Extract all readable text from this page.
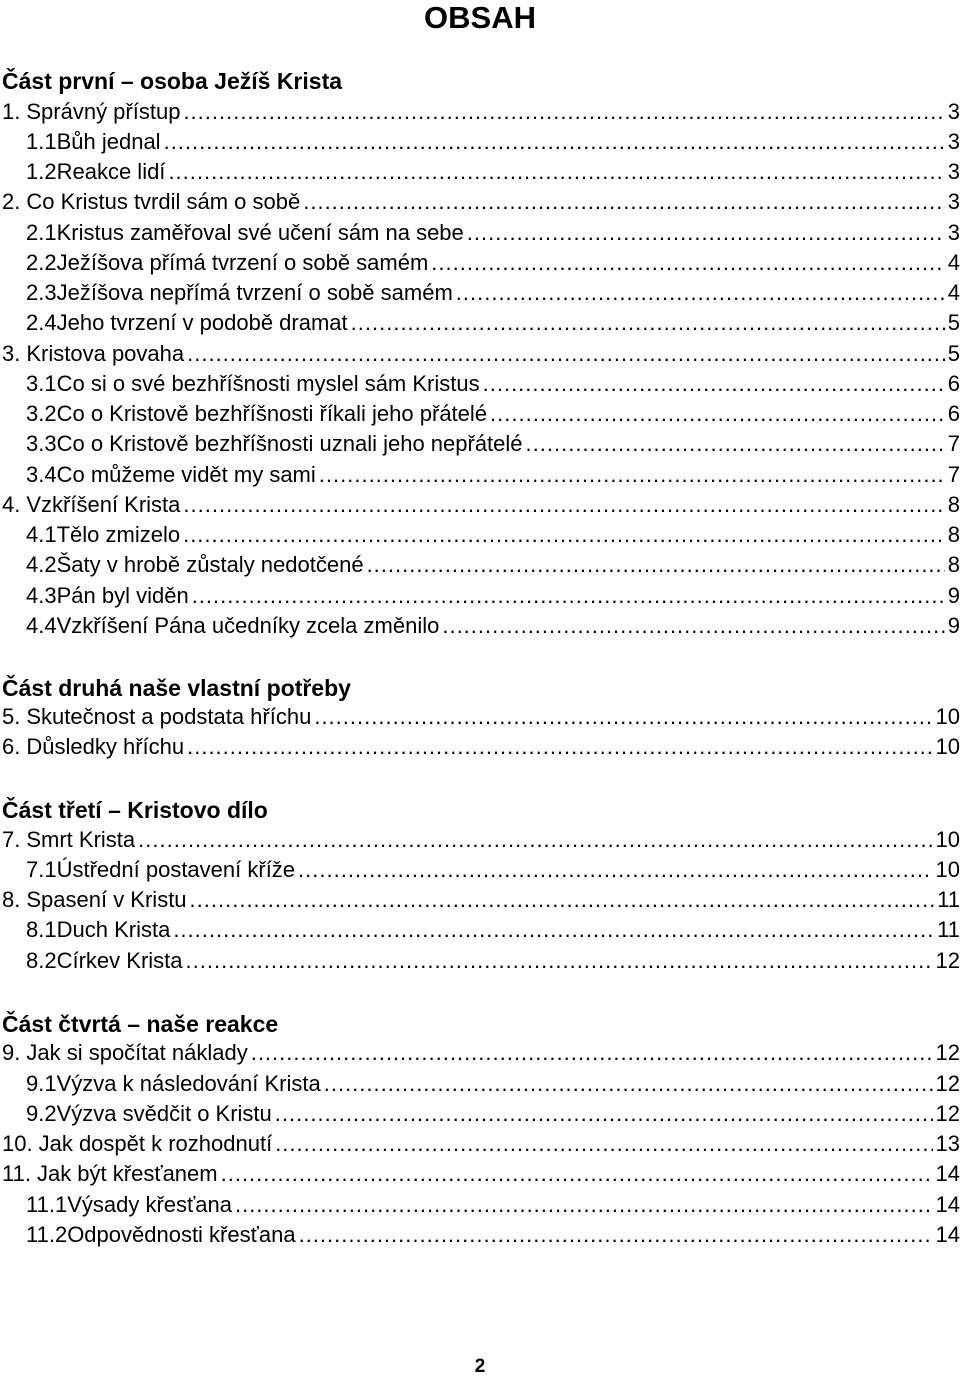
OBSAH
Část první – osoba Ježíš Krista
1. Správný přístup .....	3
1.1 Bůh jednal .....	3
1.2 Reakce lidí .....	3
2. Co Kristus tvrdil sám o sobě .....	3
2.1 Kristus zaměřoval své učení sám na sebe .....	3
2.2 Ježíšova přímá tvrzení o sobě samém .....	4
2.3 Ježíšova nepřímá tvrzení o sobě samém .....	4
2.4 Jeho tvrzení v podobě dramat .....	5
3. Kristova povaha .....	5
3.1 Co si o své bezhříšnosti myslel sám Kristus .....	6
3.2 Co o Kristově bezhříšnosti říkali jeho přátelé .....	6
3.3 Co o Kristově bezhříšnosti uznali jeho nepřátelé .....	7
3.4 Co můžeme vidět my sami .....	7
4. Vzkříšení Krista .....	8
4.1 Tělo zmizelo .....	8
4.2 Šaty v hrobě zůstaly nedotčené .....	8
4.3 Pán byl viděn .....	9
4.4 Vzkříšení Pána učedníky zcela změnilo .....	9
Část druhá naše vlastní potřeby
5. Skutečnost a podstata hříchu .....	10
6. Důsledky hříchu .....	10
Část třetí – Kristovo dílo
7. Smrt Krista .....	10
7.1 Ústřední postavení kříže .....	10
8. Spasení v Kristu .....	11
8.1 Duch Krista .....	11
8.2 Církev Krista .....	12
Část čtvrtá – naše reakce
9. Jak si spočítat náklady .....	12
9.1 Výzva k následování Krista .....	12
9.2 Výzva svědčit o Kristu .....	12
10. Jak dospět k rozhodnutí .....	13
11. Jak být křesťanem .....	14
11.1 Výsady křesťana .....	14
11.2 Odpovědnosti křesťana .....	14
2
